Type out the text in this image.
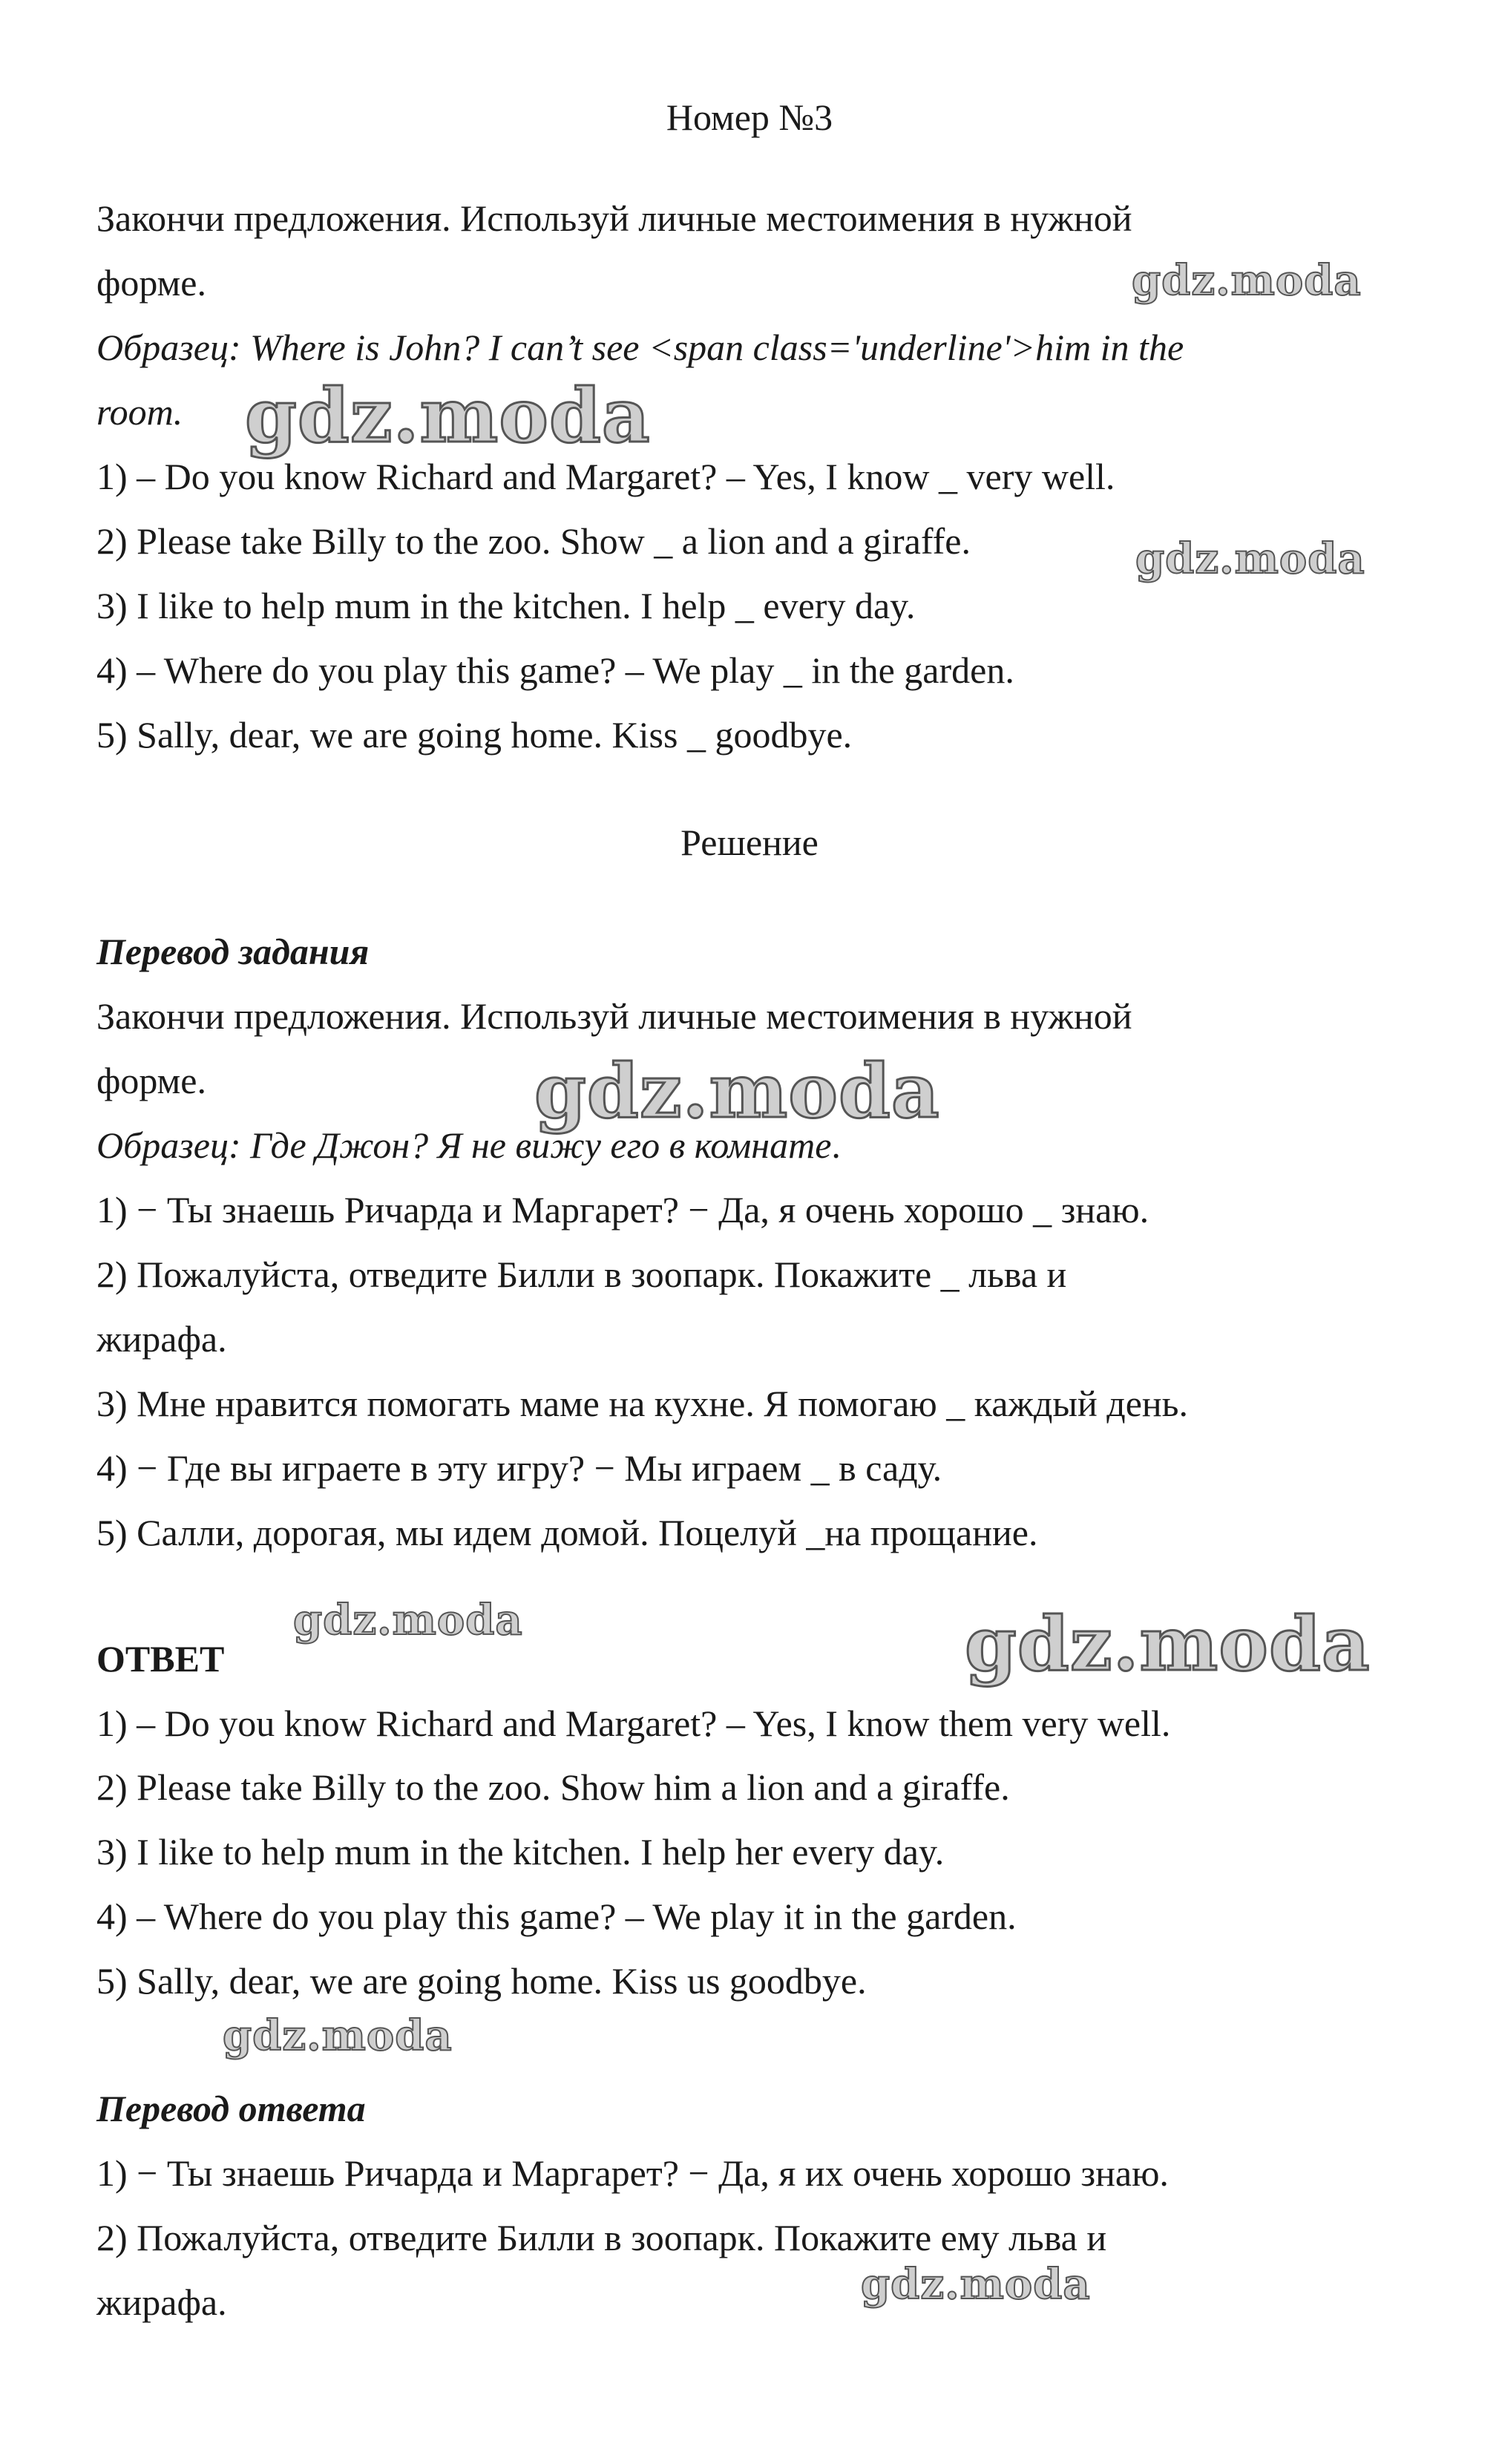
Номер №3
Закончи предложения. Используй личные местоимения в нужной
форме.
Образец: Where is John? I can’t see <span class='underline'>him in the
room.
1) – Do you know Richard and Margaret? – Yes, I know _ very well.
2) Please take Billy to the zoo. Show _ a lion and a giraffe.
3) I like to help mum in the kitchen. I help _ every day.
4) – Where do you play this game? – We play _ in the garden.
5) Sally, dear, we are going home. Kiss _ goodbye.
Решение
Перевод задания
Закончи предложения. Используй личные местоимения в нужной
форме.
Образец: Где Джон? Я не вижу его в комнате.
1) − Ты знаешь Ричарда и Маргарет? − Да, я очень хорошо _ знаю.
2) Пожалуйста, отведите Билли в зоопарк. Покажите _ льва и
жирафа.
3) Мне нравится помогать маме на кухне. Я помогаю _ каждый день.
4) − Где вы играете в эту игру? − Мы играем _ в саду.
5) Салли, дорогая, мы идем домой. Поцелуй _на прощание.
ОТВЕТ
1) – Do you know Richard and Margaret? – Yes, I know them very well.
2) Please take Billy to the zoo. Show him a lion and a giraffe.
3) I like to help mum in the kitchen. I help her every day.
4) – Where do you play this game? – We play it in the garden.
5) Sally, dear, we are going home. Kiss us goodbye.
Перевод ответа
1) − Ты знаешь Ричарда и Маргарет? − Да, я их очень хорошо знаю.
2) Пожалуйста, отведите Билли в зоопарк. Покажите ему льва и
жирафа.
gdz.moda
gdz.moda
gdz.moda
gdz.moda
gdz.moda	gdz.moda
gdz.moda
gdz.moda
